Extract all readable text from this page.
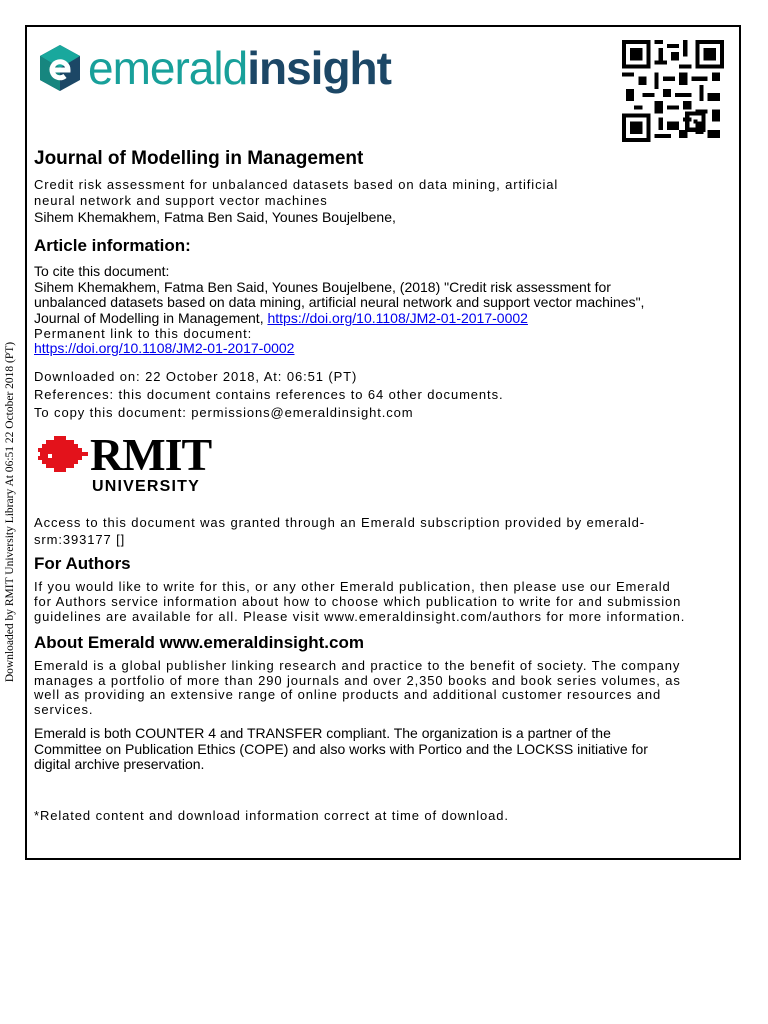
Downloaded by RMIT University Library At 06:51 22 October 2018 (PT)
emeraldinsight
Journal of Modelling in Management
Credit risk assessment for unbalanced datasets based on data mining, artificial
neural network and support vector machines
Sihem Khemakhem, Fatma Ben Said, Younes Boujelbene,
Article information:
To cite this document:
Sihem Khemakhem, Fatma Ben Said, Younes Boujelbene, (2018) "Credit risk assessment for
unbalanced datasets based on data mining, artificial neural network and support vector machines",
Journal of Modelling in Management, https://doi.org/10.1108/JM2-01-2017-0002
Permanent link to this document:
https://doi.org/10.1108/JM2-01-2017-0002
Downloaded on: 22 October 2018, At: 06:51 (PT)
References: this document contains references to 64 other documents.
To copy this document: permissions@emeraldinsight.com
RMIT
UNIVERSITY
Access to this document was granted through an Emerald subscription provided by emerald-
srm:393177 []
For Authors
If you would like to write for this, or any other Emerald publication, then please use our Emerald
for Authors service information about how to choose which publication to write for and submission
guidelines are available for all. Please visit www.emeraldinsight.com/authors for more information.
About Emerald www.emeraldinsight.com
Emerald is a global publisher linking research and practice to the benefit of society. The company
manages a portfolio of more than 290 journals and over 2,350 books and book series volumes, as
well as providing an extensive range of online products and additional customer resources and
services.
Emerald is both COUNTER 4 and TRANSFER compliant. The organization is a partner of the
Committee on Publication Ethics (COPE) and also works with Portico and the LOCKSS initiative for
digital archive preservation.
*Related content and download information correct at time of download.
